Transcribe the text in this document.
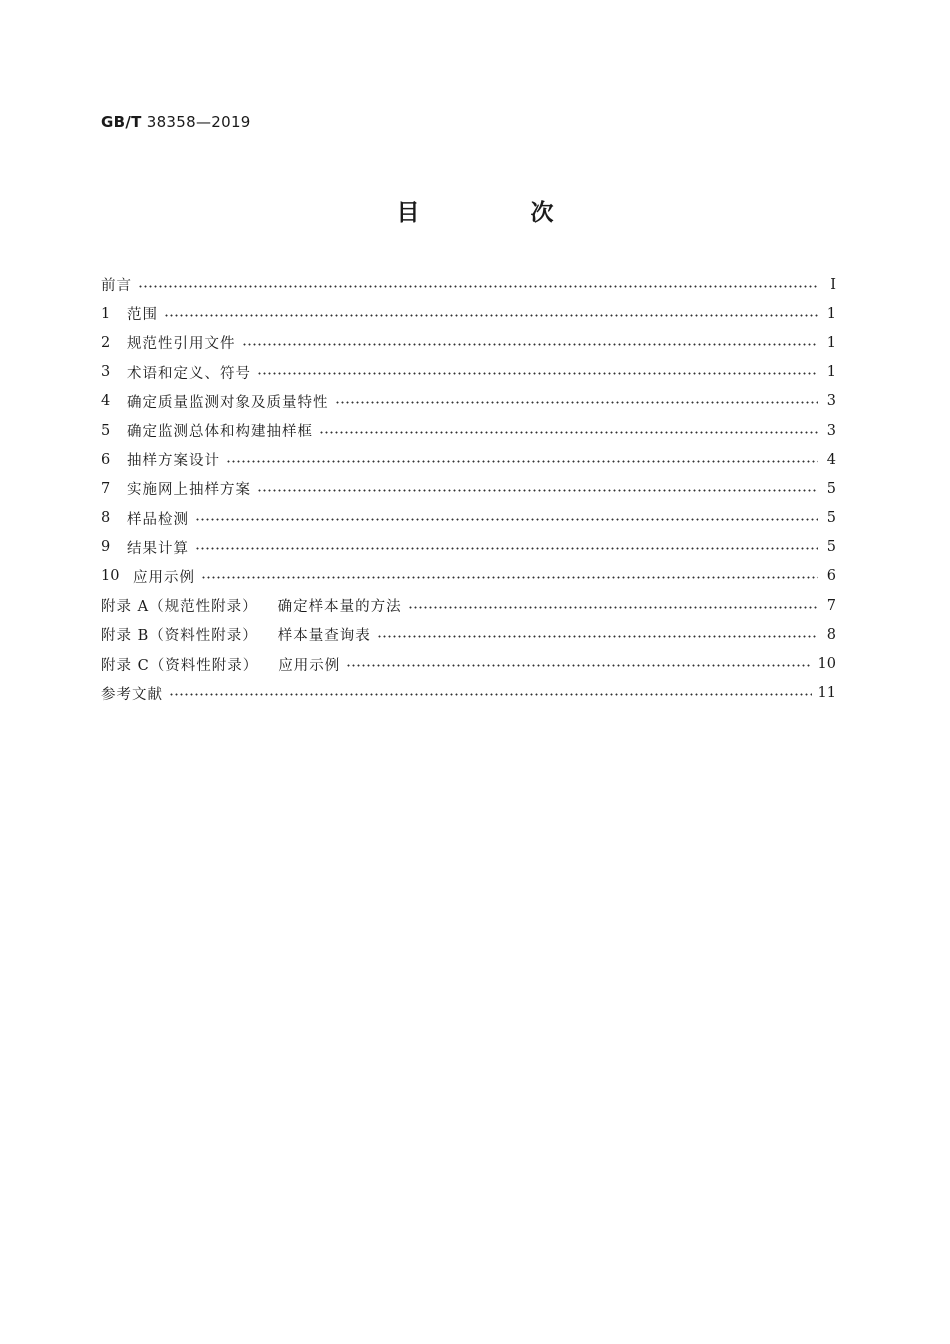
GB/T 38358—2019
目　次
前言	Ⅰ
1	范围	1
2	规范性引用文件	1
3	术语和定义、符号	1
4	确定质量监测对象及质量特性	3
5	确定监测总体和构建抽样框	3
6	抽样方案设计	4
7	实施网上抽样方案	5
8	样品检测	5
9	结果计算	5
10 应用示例	6
附录 A（规范性附录）	确定样本量的方法	7
附录 B（资料性附录）	样本量查询表	8
附录 C（资料性附录）	应用示例	10
参考文献	11
